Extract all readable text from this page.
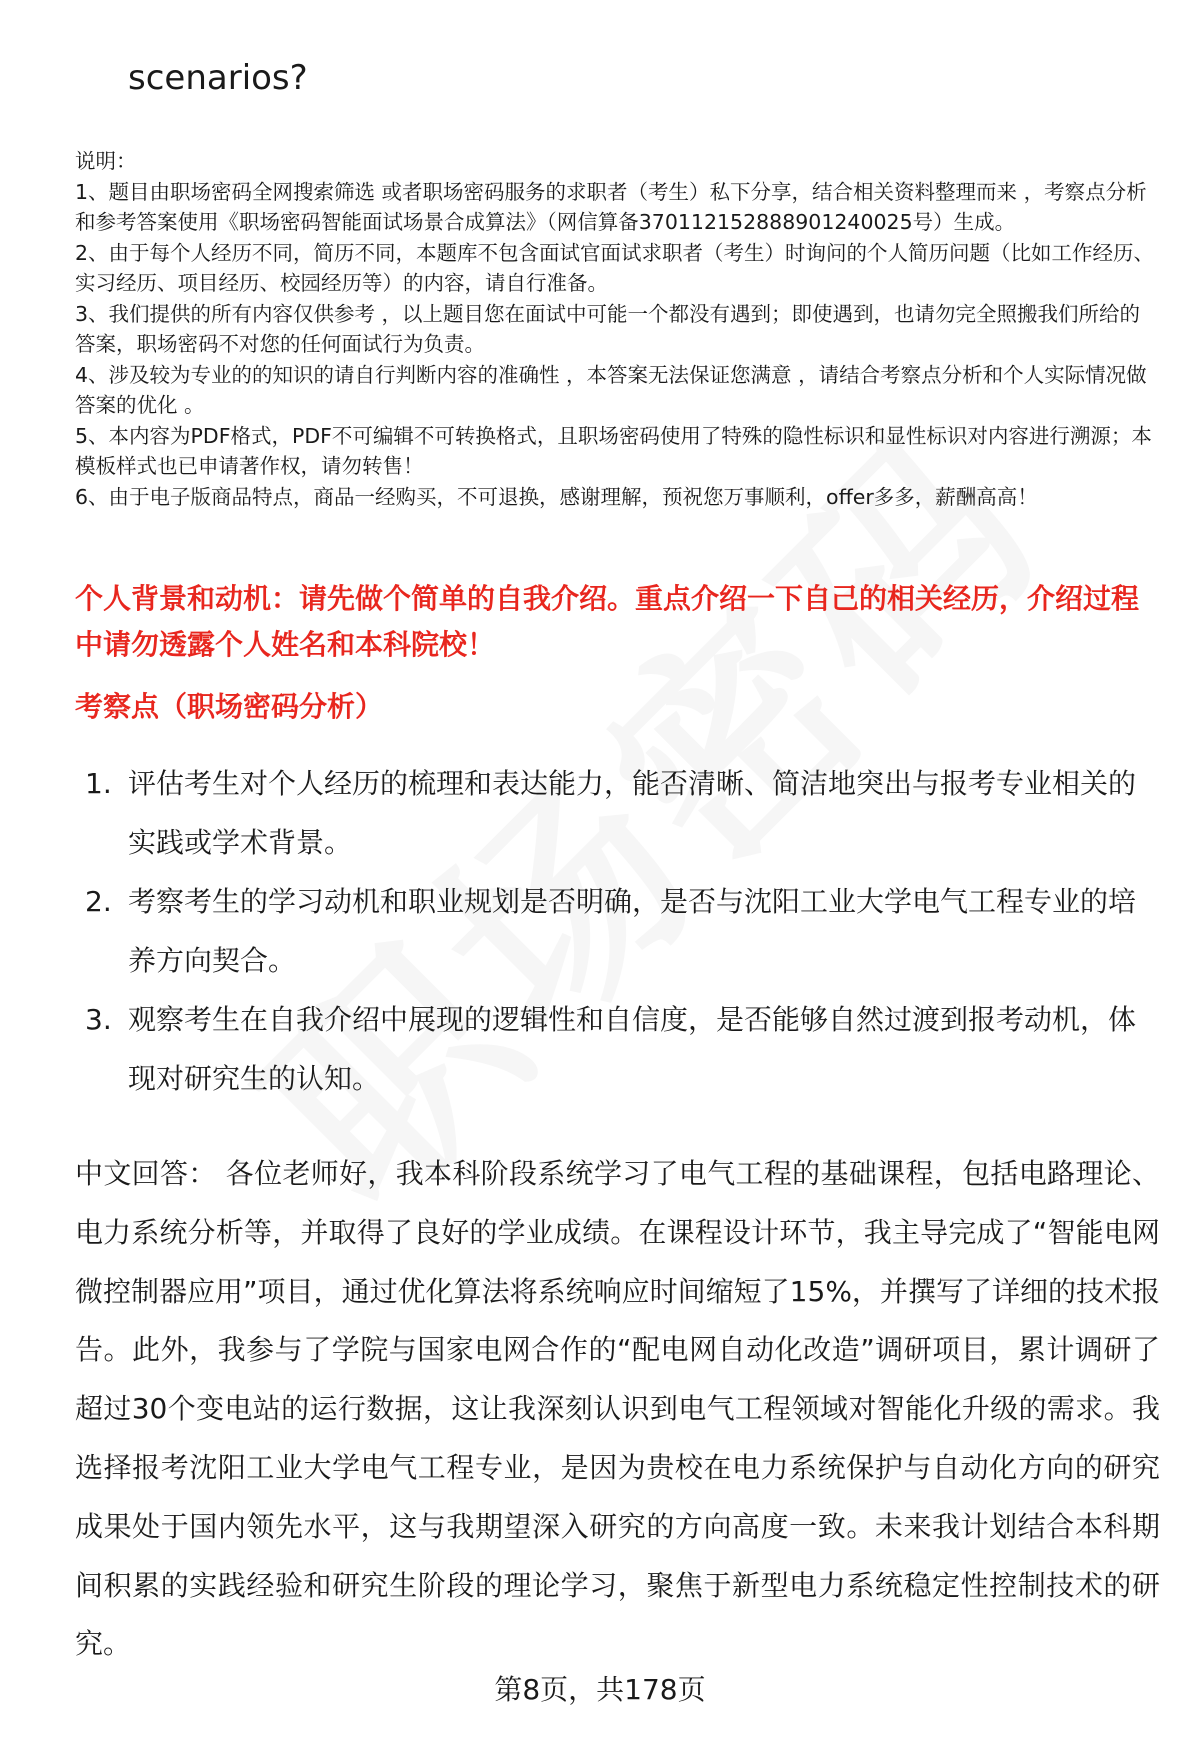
scenarios?

说明：

1、题目由职场密码全网搜索筛选 或者职场密码服务的求职者（考生）私下分享，结合相关资料整理而来 ，考察点分析和参考答案使用《职场密码智能面试场景合成算法》（网信算备370112152888901240025号）生成。

2、由于每个人经历不同，简历不同，本题库不包含面试官面试求职者（考生）时询问的个人简历问题（比如工作经历、实习经历、项目经历、校园经历等）的内容，请自行准备。

3、我们提供的所有内容仅供参考 ，以上题目您在面试中可能一个都没有遇到；即使遇到，也请勿完全照搬我们所给的答案，职场密码不对您的任何面试行为负责。

4、涉及较为专业的的知识的请自行判断内容的准确性 ，本答案无法保证您满意 ，请结合考察点分析和个人实际情况做答案的优化 。

5、本内容为PDF格式，PDF不可编辑不可转换格式，且职场密码使用了特殊的隐性标识和显性标识对内容进行溯源；本模板样式也已申请著作权，请勿转售！

6、由于电子版商品特点，商品一经购买，不可退换，感谢理解，预祝您万事顺利，offer多多，薪酬高高！

个人背景和动机：请先做个简单的自我介绍。重点介绍一下自己的相关经历，介绍过程中请勿透露个人姓名和本科院校！
考察点（职场密码分析）
1. 评估考生对个人经历的梳理和表达能力，能否清晰、简洁地突出与报考专业相关的实践或学术背景。
2. 考察考生的学习动机和职业规划是否明确，是否与沈阳工业大学电气工程专业的培养方向契合。
3. 观察考生在自我介绍中展现的逻辑性和自信度，是否能够自然过渡到报考动机，体现对研究生的认知。
中文回答： 各位老师好，我本科阶段系统学习了电气工程的基础课程，包括电路理论、电力系统分析等，并取得了良好的学业成绩。在课程设计环节，我主导完成了“智能电网微控制器应用”项目，通过优化算法将系统响应时间缩短了15%，并撰写了详细的技术报告。此外，我参与了学院与国家电网合作的“配电网自动化改造”调研项目，累计调研了超过30个变电站的运行数据，这让我深刻认识到电气工程领域对智能化升级的需求。我选择报考沈阳工业大学电气工程专业，是因为贵校在电力系统保护与自动化方向的研究成果处于国内领先水平，这与我期望深入研究的方向高度一致。未来我计划结合本科期间积累的实践经验和研究生阶段的理论学习，聚焦于新型电力系统稳定性控制技术的研究。
第8页，共178页
